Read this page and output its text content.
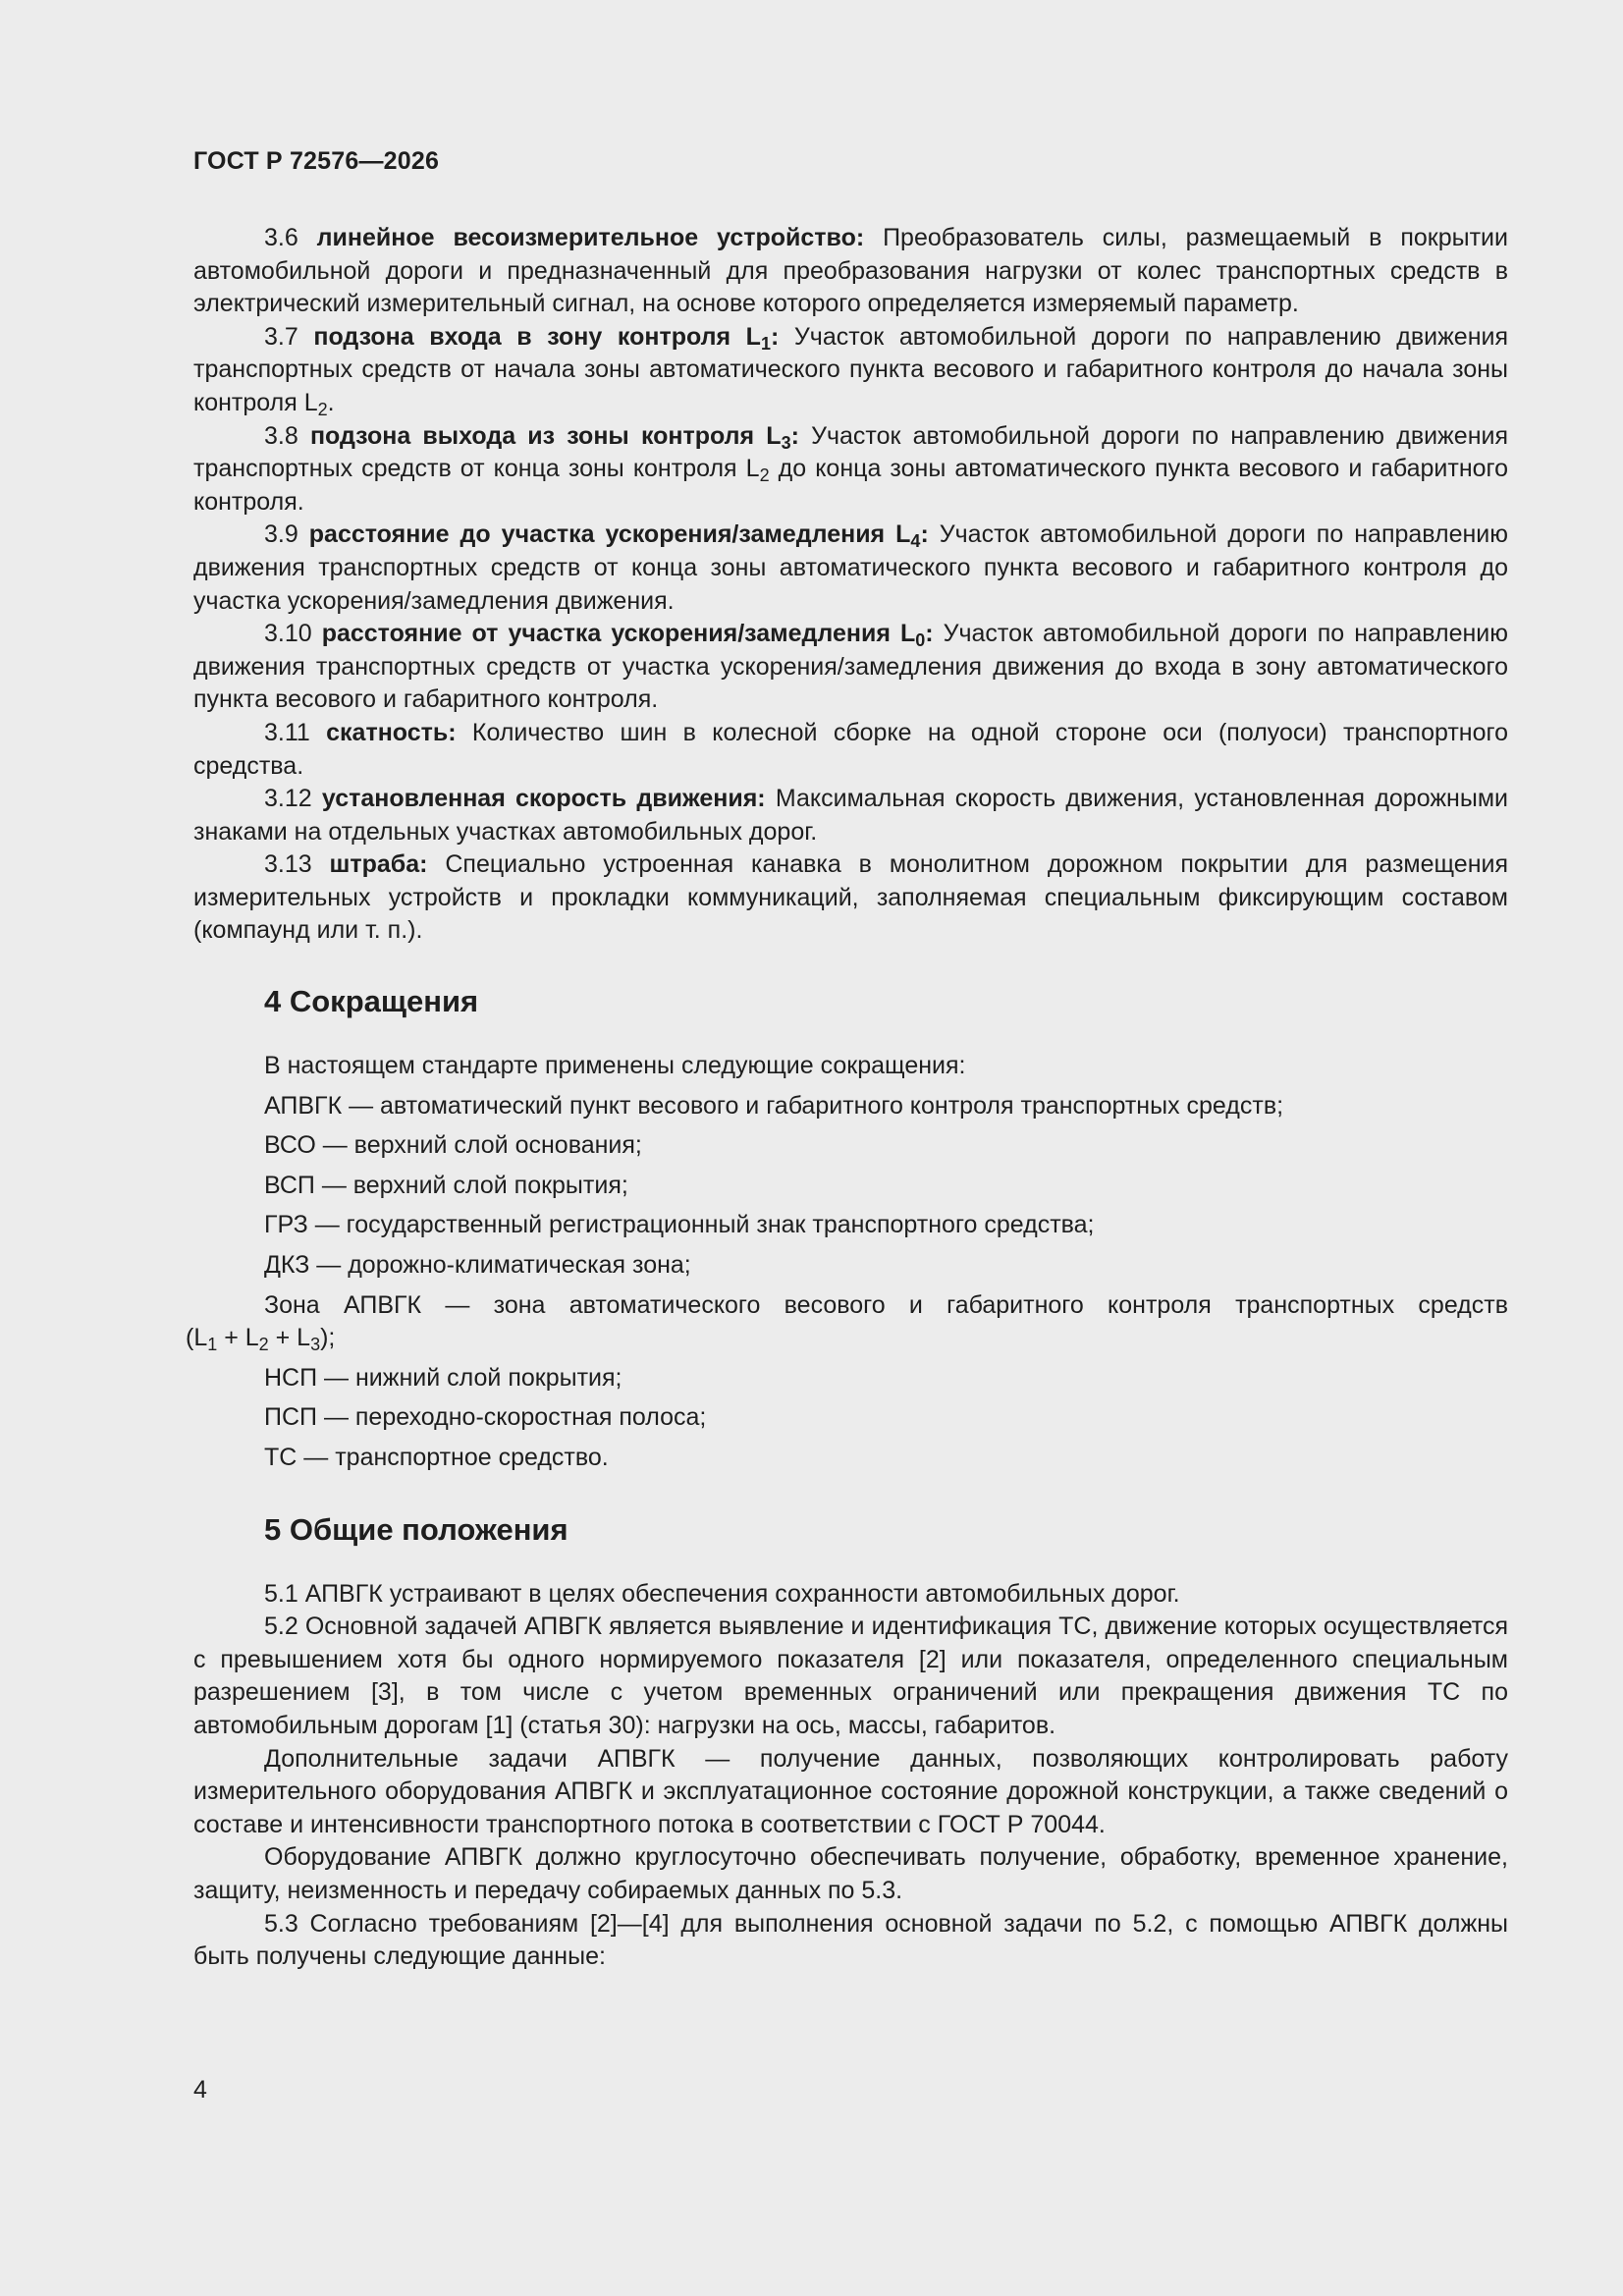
ГОСТ Р 72576—2026

3.6 линейное весоизмерительное устройство: Преобразователь силы, размещаемый в покрытии автомобильной дороги и предназначенный для преобразования нагрузки от колес транспортных средств в электрический измерительный сигнал, на основе которого определяется измеряемый параметр.

3.7 подзона входа в зону контроля $L_1$: Участок автомобильной дороги по направлению движения транспортных средств от начала зоны автоматического пункта весового и габаритного контроля до начала зоны контроля $L_2$.

3.8 подзона выхода из зоны контроля $L_3$: Участок автомобильной дороги по направлению движения транспортных средств от конца зоны контроля $L_2$ до конца зоны автоматического пункта весового и габаритного контроля.

3.9 расстояние до участка ускорения/замедления $L_4$: Участок автомобильной дороги по направлению движения транспортных средств от конца зоны автоматического пункта весового и габаритного контроля до участка ускорения/замедления движения.

3.10 расстояние от участка ускорения/замедления $L_0$: Участок автомобильной дороги по направлению движения транспортных средств от участка ускорения/замедления движения до входа в зону автоматического пункта весового и габаритного контроля.

3.11 скатность: Количество шин в колесной сборке на одной стороне оси (полуоси) транспортного средства.

3.12 установленная скорость движения: Максимальная скорость движения, установленная дорожными знаками на отдельных участках автомобильных дорог.

3.13 штраба: Специально устроенная канавка в монолитном дорожном покрытии для размещения измерительных устройств и прокладки коммуникаций, заполняемая специальным фиксирующим составом (компаунд или т. п.).

4 Сокращения

В настоящем стандарте применены следующие сокращения:

АПВГК — автоматический пункт весового и габаритного контроля транспортных средств;

ВСО — верхний слой основания;

ВСП — верхний слой покрытия;

ГРЗ — государственный регистрационный знак транспортного средства;

ДКЗ — дорожно-климатическая зона;

Зона АПВГК — зона автоматического весового и габаритного контроля транспортных средств
$(L_1 + L_2 + L_3)$;

НСП — нижний слой покрытия;

ПСП — переходно-скоростная полоса;

ТС — транспортное средство.

5 Общие положения

5.1 АПВГК устраивают в целях обеспечения сохранности автомобильных дорог.

5.2 Основной задачей АПВГК является выявление и идентификация ТС, движение которых осуществляется с превышением хотя бы одного нормируемого показателя [2] или показателя, определенного специальным разрешением [3], в том числе с учетом временных ограничений или прекращения движения ТС по автомобильным дорогам [1] (статья 30): нагрузки на ось, массы, габаритов.

Дополнительные задачи АПВГК — получение данных, позволяющих контролировать работу измерительного оборудования АПВГК и эксплуатационное состояние дорожной конструкции, а также сведений о составе и интенсивности транспортного потока в соответствии с ГОСТ Р 70044.

Оборудование АПВГК должно круглосуточно обеспечивать получение, обработку, временное хранение, защиту, неизменность и передачу собираемых данных по 5.3.

5.3 Согласно требованиям [2]—[4] для выполнения основной задачи по 5.2, с помощью АПВГК должны быть получены следующие данные:

4
